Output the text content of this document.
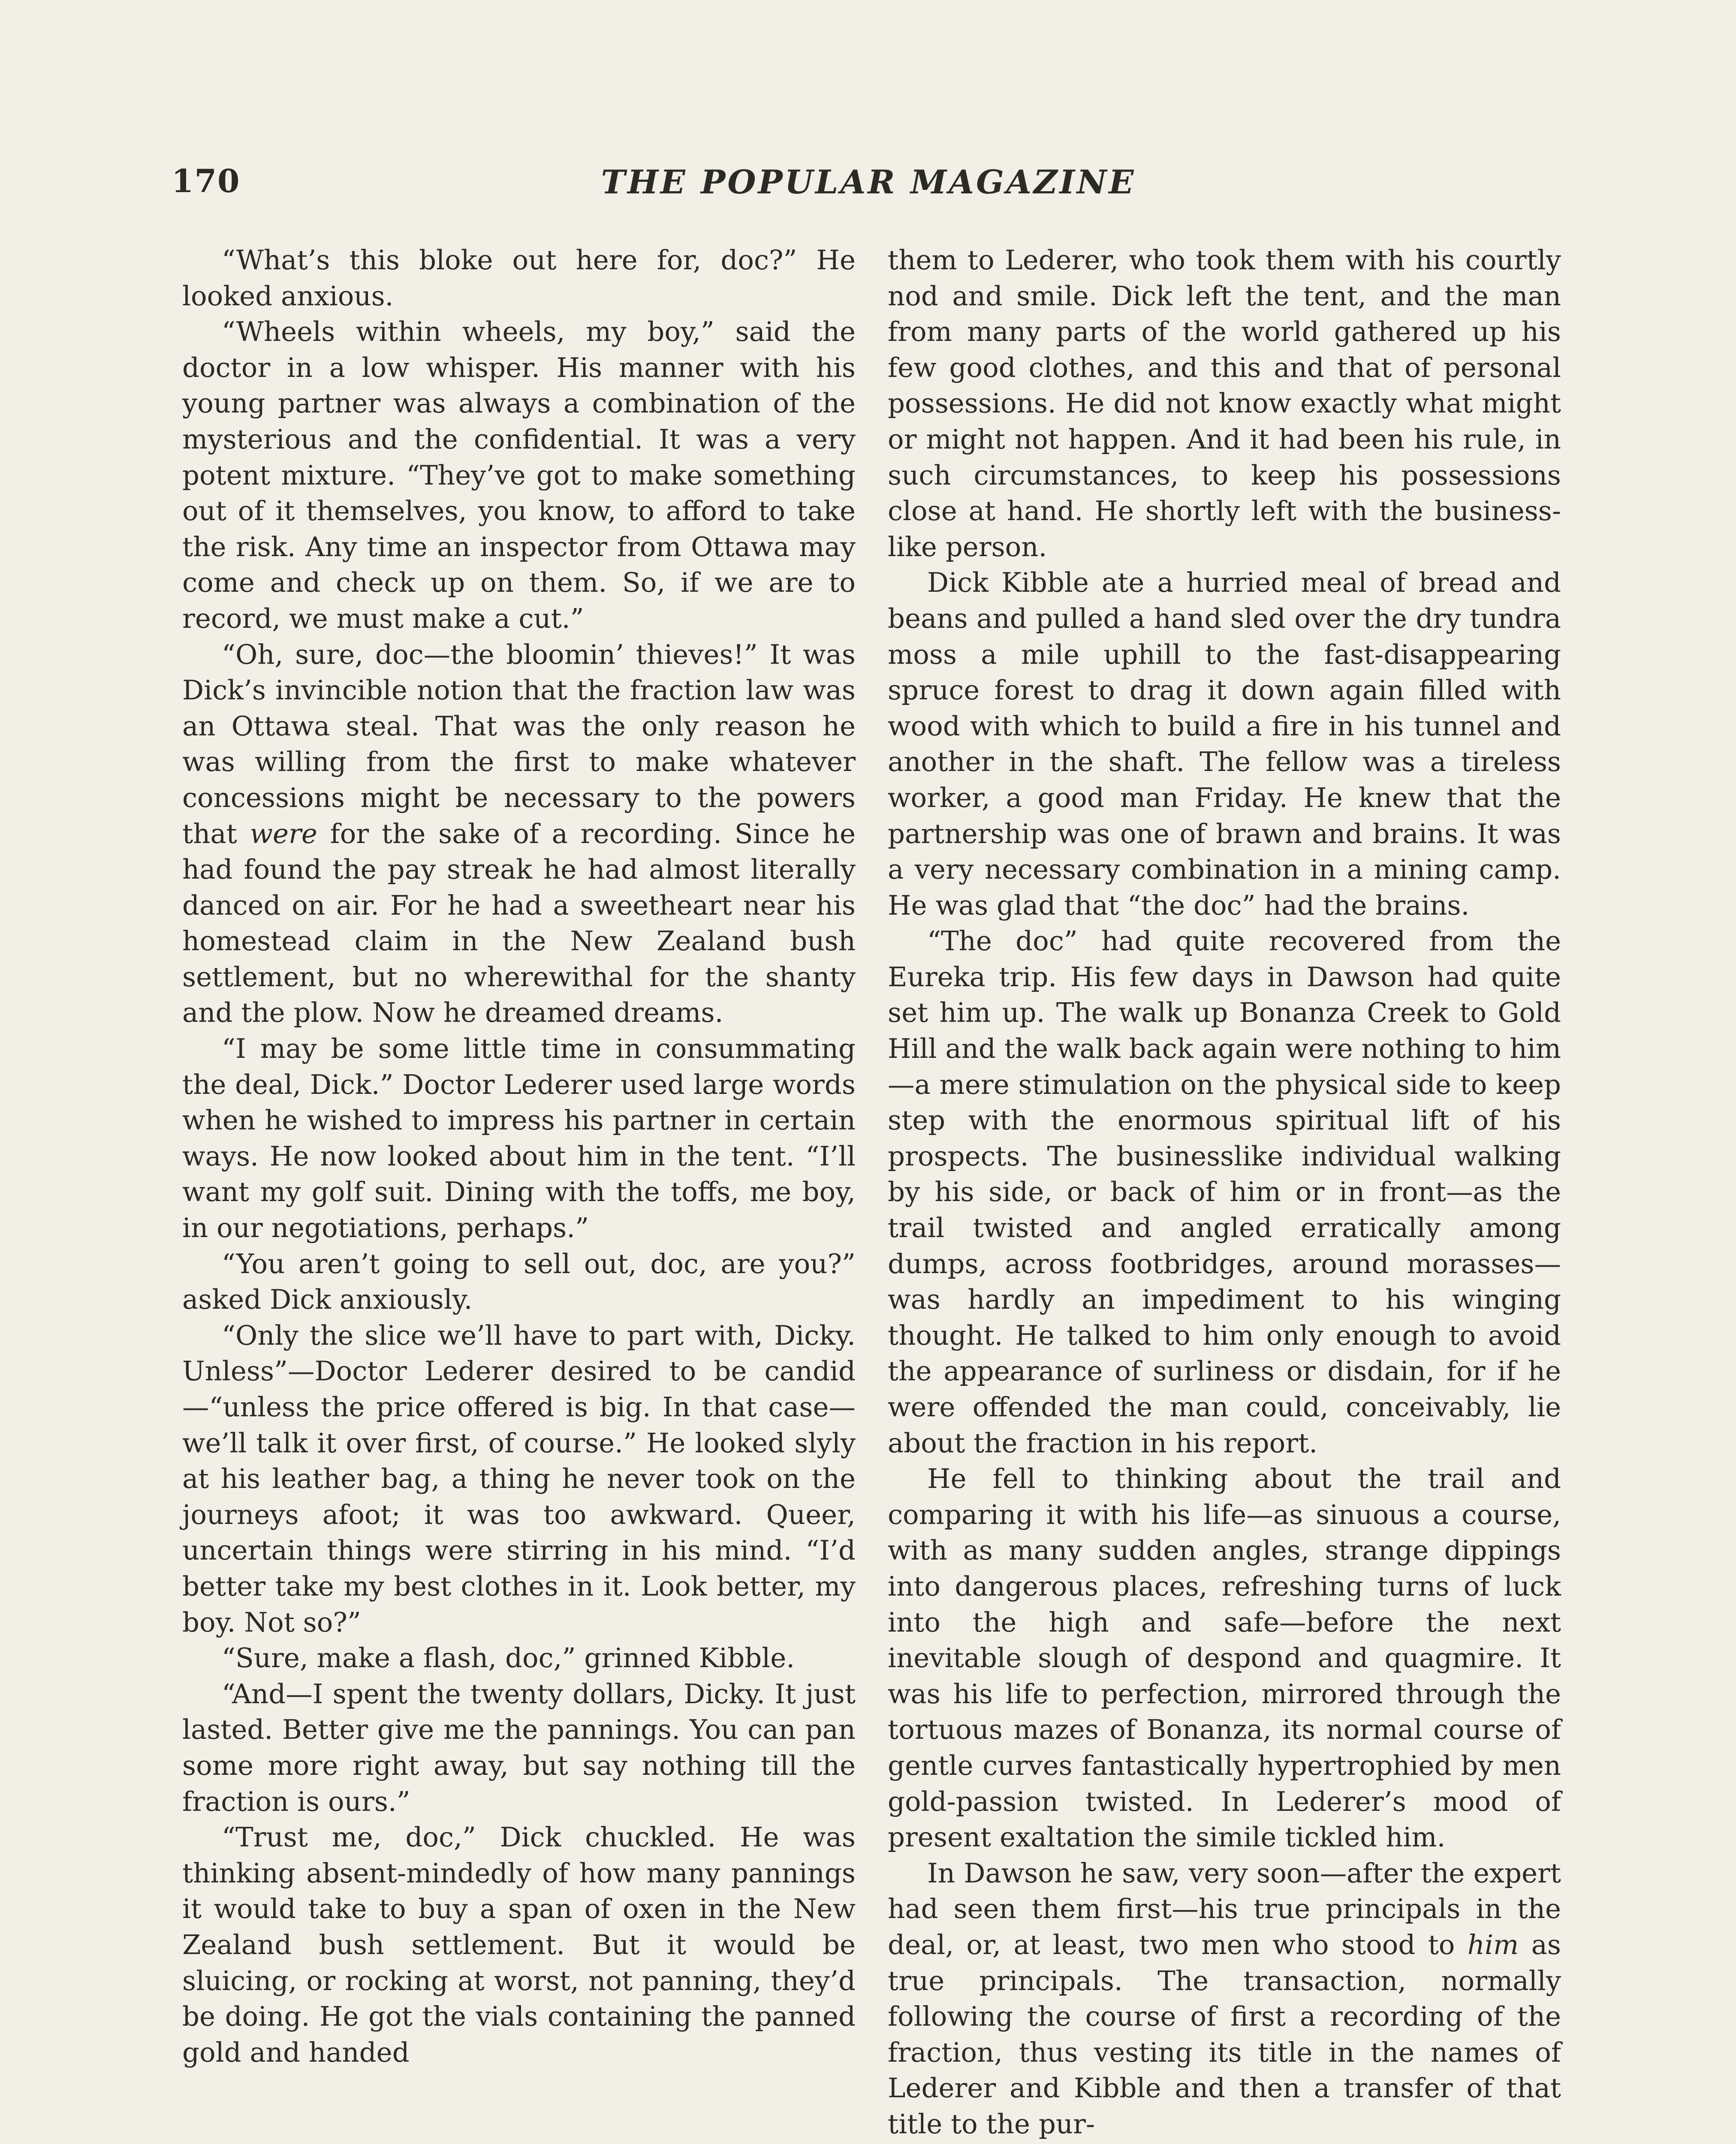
170	THE POPULAR MAGAZINE

“What’s this bloke out here for, doc?” He looked anxious.

“Wheels within wheels, my boy,” said the doctor in a low whisper. His manner with his young partner was always a combination of the mysterious and the confidential. It was a very potent mixture. “They’ve got to make something out of it themselves, you know, to afford to take the risk. Any time an inspector from Ottawa may come and check up on them. So, if we are to record, we must make a cut.”

“Oh, sure, doc—the bloomin’ thieves!” It was Dick’s invincible notion that the fraction law was an Ottawa steal. That was the only reason he was willing from the first to make whatever concessions might be necessary to the powers that were for the sake of a recording. Since he had found the pay streak he had almost literally danced on air. For he had a sweetheart near his homestead claim in the New Zealand bush settlement, but no wherewithal for the shanty and the plow. Now he dreamed dreams.

“I may be some little time in consummating the deal, Dick.” Doctor Lederer used large words when he wished to impress his partner in certain ways. He now looked about him in the tent. “I’ll want my golf suit. Dining with the toffs, me boy, in our negotiations, perhaps.”

“You aren’t going to sell out, doc, are you?” asked Dick anxiously.

“Only the slice we’ll have to part with, Dicky. Unless”—Doctor Lederer desired to be candid—“unless the price offered is big. In that case—we’ll talk it over first, of course.” He looked slyly at his leather bag, a thing he never took on the journeys afoot; it was too awkward. Queer, uncertain things were stirring in his mind. “I’d better take my best clothes in it. Look better, my boy. Not so?”

“Sure, make a flash, doc,” grinned Kibble.

“And—I spent the twenty dollars, Dicky. It just lasted. Better give me the pannings. You can pan some more right away, but say nothing till the fraction is ours.”

“Trust me, doc,” Dick chuckled. He was thinking absent-mindedly of how many pannings it would take to buy a span of oxen in the New Zealand bush settlement. But it would be sluicing, or rocking at worst, not panning, they’d be doing. He got the vials containing the panned gold and handed

them to Lederer, who took them with his courtly nod and smile. Dick left the tent, and the man from many parts of the world gathered up his few good clothes, and this and that of personal possessions. He did not know exactly what might or might not happen. And it had been his rule, in such circumstances, to keep his possessions close at hand. He shortly left with the businesslike person.

Dick Kibble ate a hurried meal of bread and beans and pulled a hand sled over the dry tundra moss a mile uphill to the fast-disappearing spruce forest to drag it down again filled with wood with which to build a fire in his tunnel and another in the shaft. The fellow was a tireless worker, a good man Friday. He knew that the partnership was one of brawn and brains. It was a very necessary combination in a mining camp. He was glad that “the doc” had the brains.

“The doc” had quite recovered from the Eureka trip. His few days in Dawson had quite set him up. The walk up Bonanza Creek to Gold Hill and the walk back again were nothing to him—a mere stimulation on the physical side to keep step with the enormous spiritual lift of his prospects. The businesslike individual walking by his side, or back of him or in front—as the trail twisted and angled erratically among dumps, across footbridges, around morasses—was hardly an impediment to his winging thought. He talked to him only enough to avoid the appearance of surliness or disdain, for if he were offended the man could, conceivably, lie about the fraction in his report.

He fell to thinking about the trail and comparing it with his life—as sinuous a course, with as many sudden angles, strange dippings into dangerous places, refreshing turns of luck into the high and safe—before the next inevitable slough of despond and quagmire. It was his life to perfection, mirrored through the tortuous mazes of Bonanza, its normal course of gentle curves fantastically hypertrophied by men gold-passion twisted. In Lederer’s mood of present exaltation the simile tickled him.

In Dawson he saw, very soon—after the expert had seen them first—his true principals in the deal, or, at least, two men who stood to him as true principals. The transaction, normally following the course of first a recording of the fraction, thus vesting its title in the names of Lederer and Kibble and then a transfer of that title to the pur-
